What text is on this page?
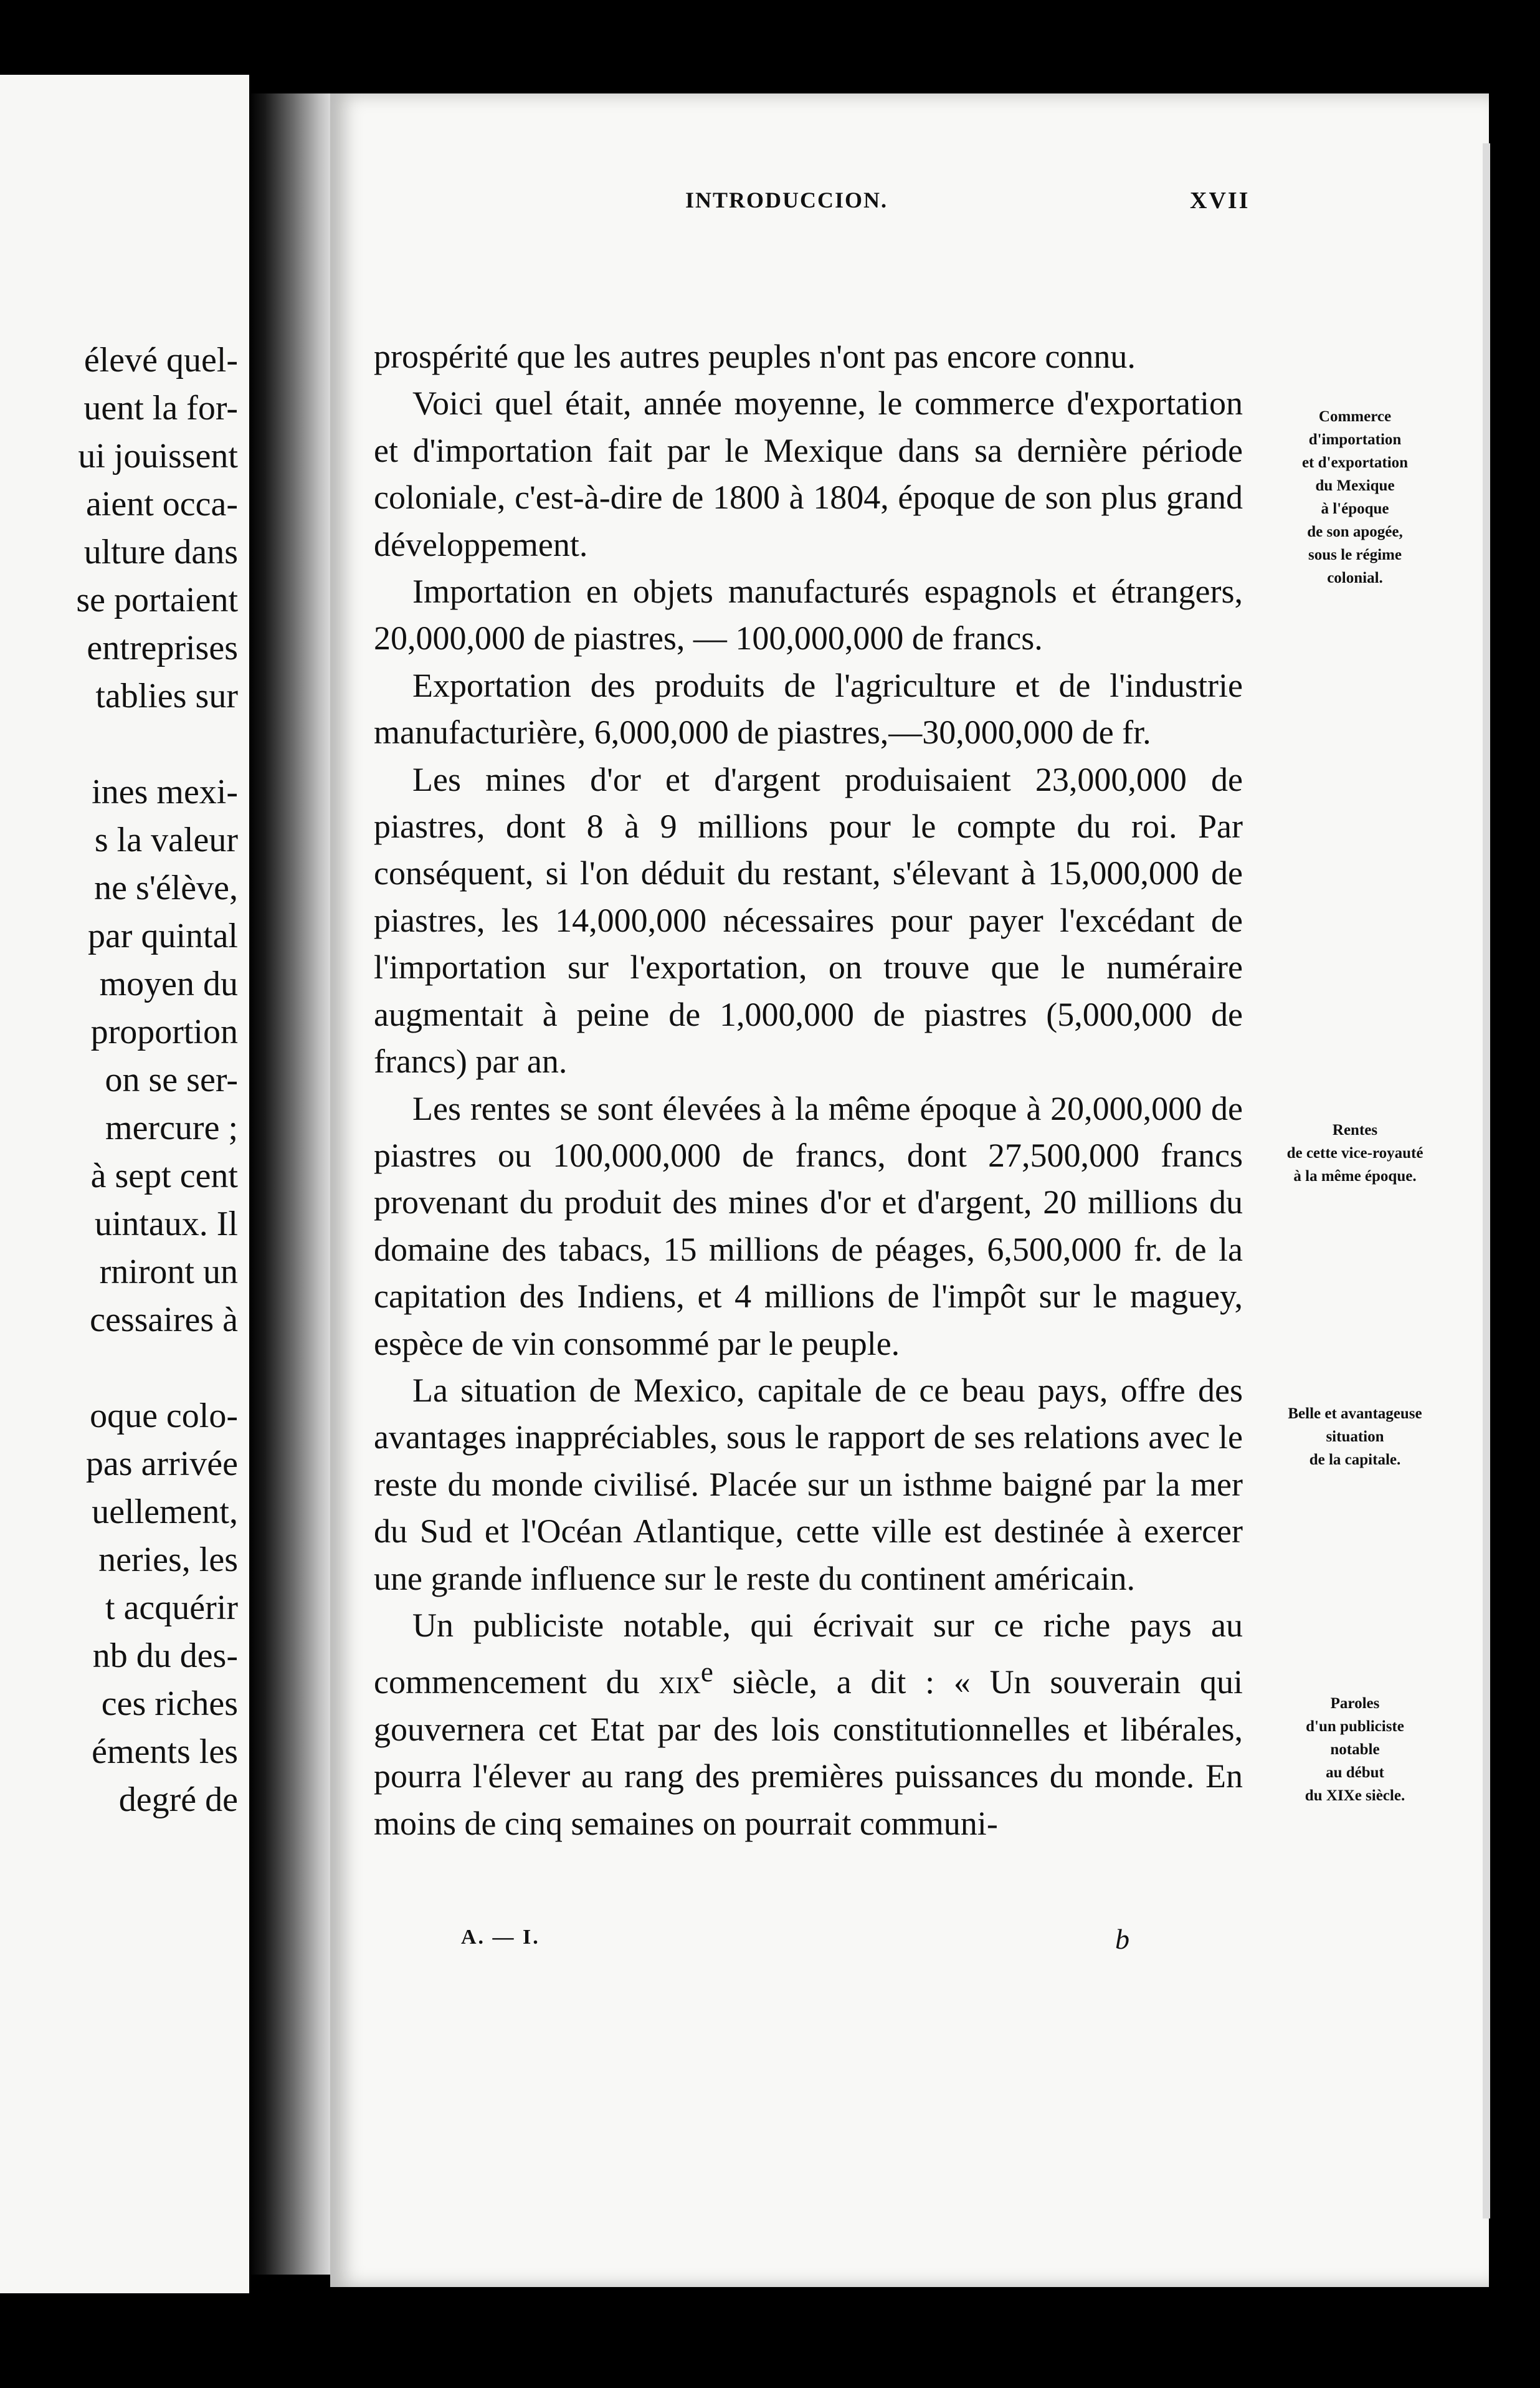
élevé quel-
uent la for-
ui jouissent
aient occa-
ulture dans
se portaient
entreprises
tablies sur
ines mexi-
s la valeur
ne s'élève,
par quintal
moyen du
proportion
on se ser-
mercure ;
à sept cent
uintaux. Il
rniront un
cessaires à
oque colo-
pas arrivée
uellement,
neries, les
t acquérir
nb du des-
ces riches
éments les
degré de
INTRODUCCION.	XVII

prospérité que les autres peuples n'ont pas encore connu.

Voici quel était, année moyenne, le commerce d'exportation et d'importation fait par le Mexique dans sa dernière période coloniale, c'est-à-dire de 1800 à 1804, époque de son plus grand développement.

Importation en objets manufacturés espagnols et étrangers, 20,000,000 de piastres, — 100,000,000 de francs.

Exportation des produits de l'agriculture et de l'industrie manufacturière, 6,000,000 de piastres,—30,000,000 de fr.

Les mines d'or et d'argent produisaient 23,000,000 de piastres, dont 8 à 9 millions pour le compte du roi. Par conséquent, si l'on déduit du restant, s'élevant à 15,000,000 de piastres, les 14,000,000 nécessaires pour payer l'excédant de l'importation sur l'exportation, on trouve que le numéraire augmentait à peine de 1,000,000 de piastres (5,000,000 de francs) par an.

Les rentes se sont élevées à la même époque à 20,000,000 de piastres ou 100,000,000 de francs, dont 27,500,000 francs provenant du produit des mines d'or et d'argent, 20 millions du domaine des tabacs, 15 millions de péages, 6,500,000 fr. de la capitation des Indiens, et 4 millions de l'impôt sur le maguey, espèce de vin consommé par le peuple.

La situation de Mexico, capitale de ce beau pays, offre des avantages inappréciables, sous le rapport de ses relations avec le reste du monde civilisé. Placée sur un isthme baigné par la mer du Sud et l'Océan Atlantique, cette ville est destinée à exercer une grande influence sur le reste du continent américain.

Un publiciste notable, qui écrivait sur ce riche pays au commencement du xix$^e$ siècle, a dit : « Un souverain qui gouvernera cet Etat par des lois constitutionnelles et libérales, pourra l'élever au rang des premières puissances du monde. En moins de cinq semaines on pourrait communi-

Commerce
d'importation
et d'exportation
du Mexique
à l'époque
de son apogée,
sous le régime
colonial.
Rentes
de cette vice-royauté
à la même époque.
Belle et avantageuse
situation
de la capitale.
Paroles
d'un publiciste
notable
au début
du XIXe siècle.
A. — I.	b
